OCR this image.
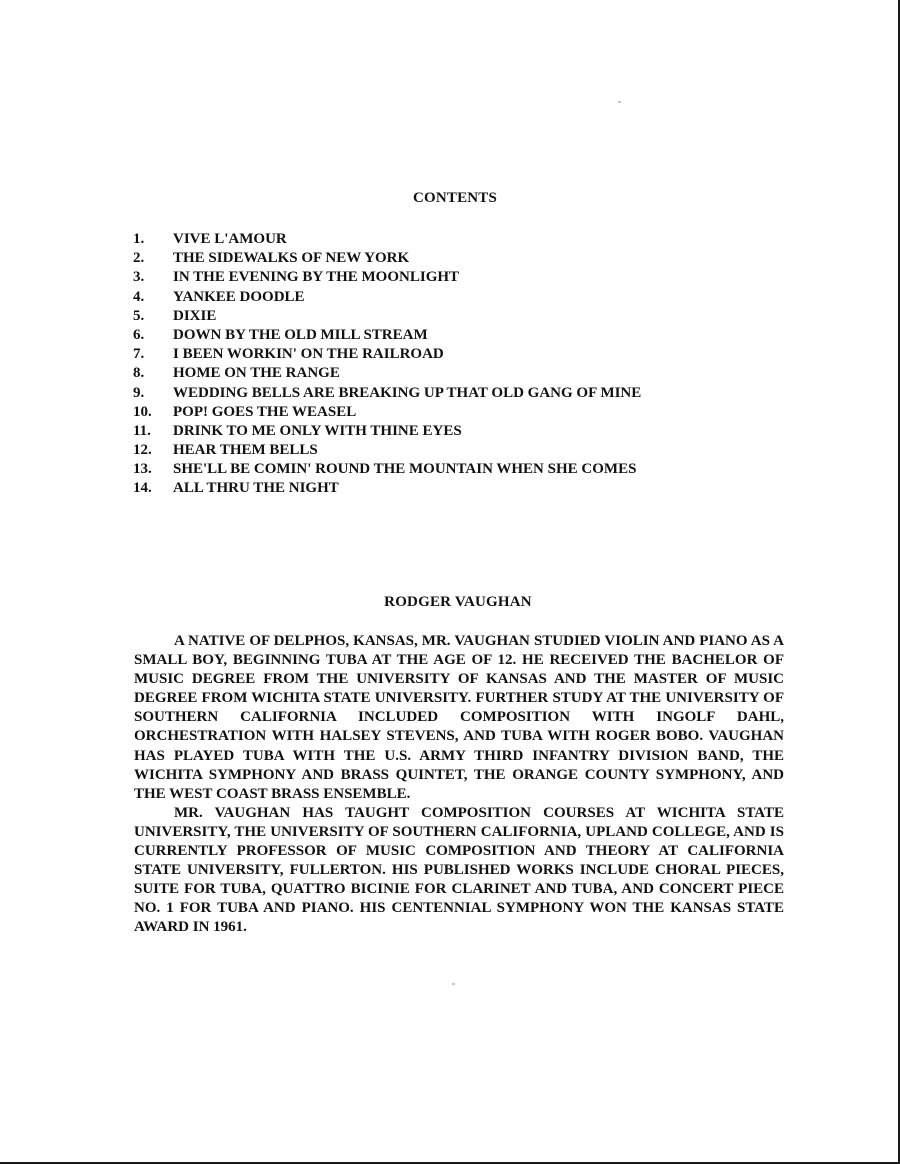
CONTENTS
1. VIVE L'AMOUR
2. THE SIDEWALKS OF NEW YORK
3. IN THE EVENING BY THE MOONLIGHT
4. YANKEE DOODLE
5. DIXIE
6. DOWN BY THE OLD MILL STREAM
7. I BEEN WORKIN' ON THE RAILROAD
8. HOME ON THE RANGE
9. WEDDING BELLS ARE BREAKING UP THAT OLD GANG OF MINE
10. POP! GOES THE WEASEL
11. DRINK TO ME ONLY WITH THINE EYES
12. HEAR THEM BELLS
13. SHE'LL BE COMIN' ROUND THE MOUNTAIN WHEN SHE COMES
14. ALL THRU THE NIGHT
RODGER VAUGHAN

A NATIVE OF DELPHOS, KANSAS, MR. VAUGHAN STUDIED VIOLIN AND PIANO AS A SMALL BOY, BEGINNING TUBA AT THE AGE OF 12. HE RECEIVED THE BACHELOR OF MUSIC DEGREE FROM THE UNIVERSITY OF KANSAS AND THE MASTER OF MUSIC DEGREE FROM WICHITA STATE UNIVERSITY. FURTHER STUDY AT THE UNIVERSITY OF SOUTHERN CALIFORNIA INCLUDED COMPOSITION WITH INGOLF DAHL, ORCHESTRATION WITH HALSEY STEVENS, AND TUBA WITH ROGER BOBO. VAUGHAN HAS PLAYED TUBA WITH THE U.S. ARMY THIRD INFANTRY DIVISION BAND, THE WICHITA SYMPHONY AND BRASS QUINTET, THE ORANGE COUNTY SYMPHONY, AND THE WEST COAST BRASS ENSEMBLE.

MR. VAUGHAN HAS TAUGHT COMPOSITION COURSES AT WICHITA STATE UNIVERSITY, THE UNIVERSITY OF SOUTHERN CALIFORNIA, UPLAND COLLEGE, AND IS CURRENTLY PROFESSOR OF MUSIC COMPOSITION AND THEORY AT CALIFORNIA STATE UNIVERSITY, FULLERTON. HIS PUBLISHED WORKS INCLUDE CHORAL PIECES, SUITE FOR TUBA, QUATTRO BICINIE FOR CLARINET AND TUBA, AND CONCERT PIECE NO. 1 FOR TUBA AND PIANO. HIS CENTENNIAL SYMPHONY WON THE KANSAS STATE AWARD IN 1961.
